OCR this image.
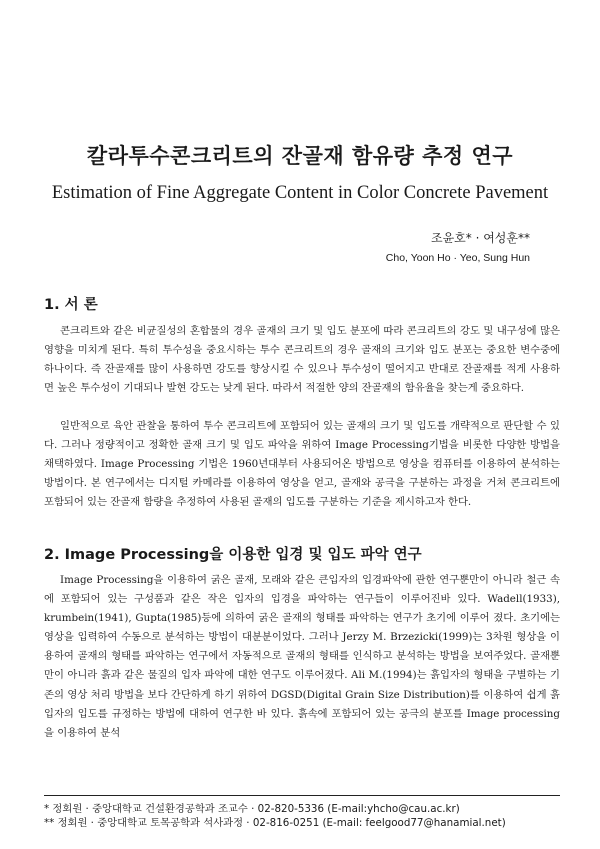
칼라투수콘크리트의 잔골재 함유량 추정 연구
Estimation of Fine Aggregate Content in Color Concrete Pavement
조윤호* · 여성훈**
Cho, Yoon Ho · Yeo, Sung Hun
1. 서 론

콘크리트와 같은 비균질성의 혼합물의 경우 골재의 크기 및 입도 분포에 따라 콘크리트의 강도 및 내구성에 많은 영향을 미치게 된다. 특히 투수성을 중요시하는 투수 콘크리트의 경우 골재의 크기와 입도 분포는 중요한 변수중에 하나이다. 즉 잔골재를 많이 사용하면 강도를 향상시킬 수 있으나 투수성이 떨어지고 반대로 잔골재를 적게 사용하면 높은 투수성이 기대되나 발현 강도는 낮게 된다. 따라서 적절한 양의 잔골재의 함유율을 찾는게 중요하다.

일반적으로 육안 관찰을 통하여 투수 콘크리트에 포함되어 있는 골재의 크기 및 입도를 개략적으로 판단할 수 있다. 그러나 정량적이고 정확한 골재 크기 및 입도 파악을 위하여 Image Processing기법을 비롯한 다양한 방법을 채택하였다. Image Processing 기법은 1960년대부터 사용되어온 방법으로 영상을 컴퓨터를 이용하여 분석하는 방법이다. 본 연구에서는 디지털 카메라를 이용하여 영상을 얻고, 골재와 공극을 구분하는 과정을 거쳐 콘크리트에 포함되어 있는 잔골재 함량을 추정하여 사용된 골재의 입도를 구분하는 기준을 제시하고자 한다.

2. Image Processing을 이용한 입경 및 입도 파악 연구

Image Processing을 이용하여 굵은 골재, 모래와 같은 큰입자의 입경파악에 관한 연구뿐만이 아니라 철근 속에 포함되어 있는 구성품과 같은 작은 입자의 입경을 파악하는 연구들이 이루어진바 있다. Wadell(1933), krumbein(1941), Gupta(1985)등에 의하여 굵은 골재의 형태를 파악하는 연구가 초기에 이루어 졌다. 초기에는 영상을 입력하여 수동으로 분석하는 방법이 대분분이었다. 그러나 Jerzy M. Brzezicki(1999)는 3차원 형상을 이용하여 골재의 형태를 파악하는 연구에서 자동적으로 골재의 형태를 인식하고 분석하는 방법을 보여주었다. 골재뿐만이 아니라 흙과 같은 물질의 입자 파악에 대한 연구도 이루어졌다. Ali M.(1994)는 흙입자의 형태을 구별하는 기존의 영상 처리 방법을 보다 간단하게 하기 위하여 DGSD(Digital Grain Size Distribution)를 이용하여 쉽게 흙입자의 입도를 규정하는 방법에 대하여 연구한 바 있다. 흙속에 포함되어 있는 공극의 분포를 Image processing을 이용하여 분석

* 정회원 · 중앙대학교 건설환경공학과 조교수 · 02-820-5336 (E-mail:yhcho@cau.ac.kr)
** 정회원 · 중앙대학교 토목공학과 석사과정 · 02-816-0251 (E-mail: feelgood77@hanamial.net)
